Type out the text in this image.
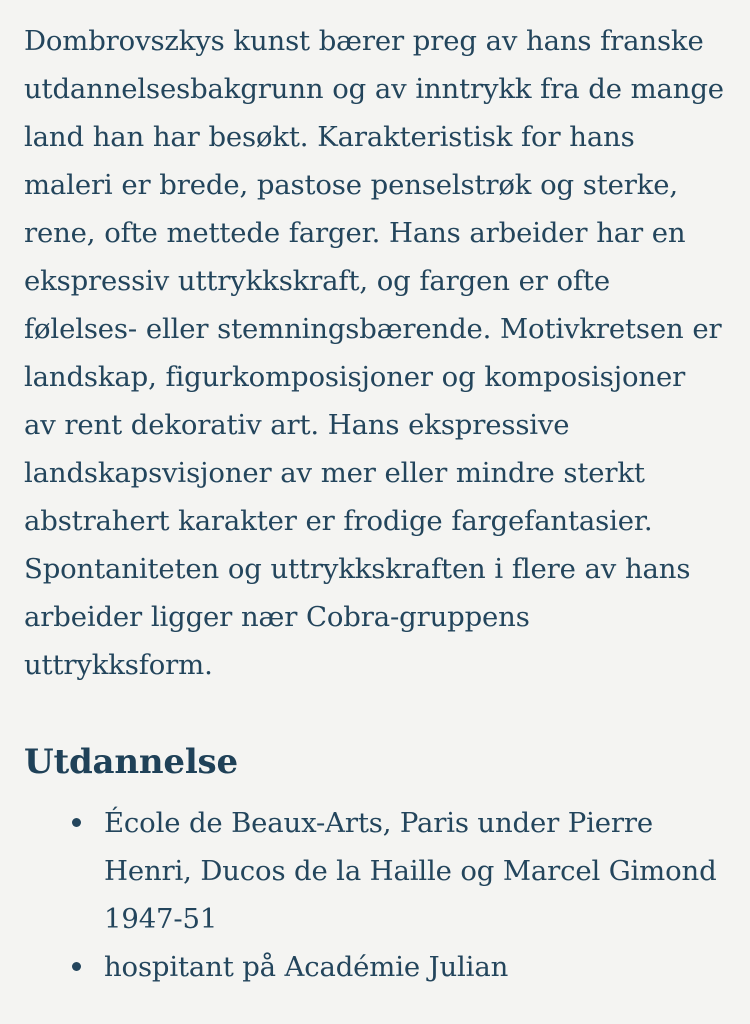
Dombrovszkys kunst bærer preg av hans franske utdannelsesbakgrunn og av inntrykk fra de mange land han har besøkt. Karakteristisk for hans maleri er brede, pastose penselstrøk og sterke, rene, ofte mettede farger. Hans arbeider har en ekspressiv uttrykkskraft, og fargen er ofte følelses- eller stemningsbærende. Motivkretsen er landskap, figurkomposisjoner og komposisjoner av rent dekorativ art. Hans ekspressive landskapsvisjoner av mer eller mindre sterkt abstrahert karakter er frodige fargefantasier. Spontaniteten og uttrykkskraften i flere av hans arbeider ligger nær Cobra-gruppens uttrykksform.

Utdannelse
École de Beaux-Arts, Paris under Pierre Henri, Ducos de la Haille og Marcel Gimond 1947-51
hospitant på Académie Julian
